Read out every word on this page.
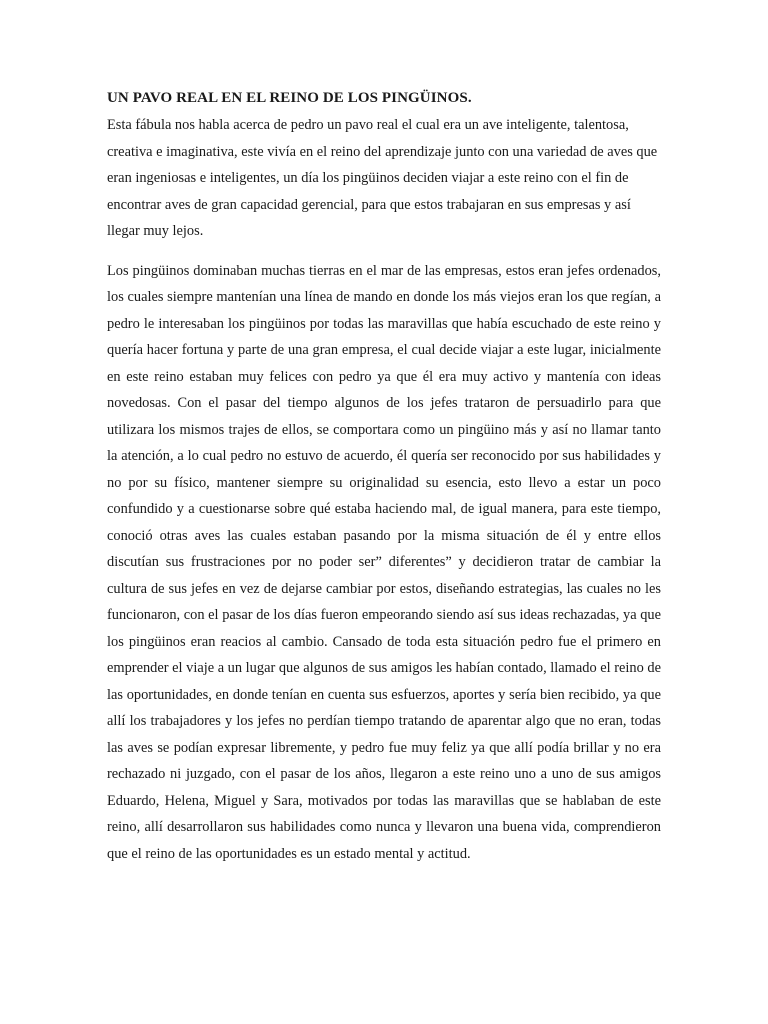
UN PAVO REAL EN EL REINO DE LOS PINGÜINOS.

Esta fábula nos habla acerca de pedro un pavo real el cual era un ave inteligente, talentosa, creativa e imaginativa, este vivía en el reino del aprendizaje junto con una variedad de aves que eran ingeniosas e inteligentes, un día los pingüinos deciden viajar a este reino con el fin de encontrar aves de gran capacidad gerencial, para que estos trabajaran en sus empresas y así llegar muy lejos.

Los pingüinos dominaban muchas tierras en el mar de las empresas, estos eran jefes ordenados, los cuales siempre mantenían una línea de mando en donde los más viejos eran los que regían, a pedro le interesaban los pingüinos por todas las maravillas que había escuchado de este reino y quería hacer fortuna y parte de una gran empresa, el cual decide viajar a este lugar, inicialmente en este reino estaban muy felices con pedro ya que él era muy activo y mantenía con ideas novedosas. Con el pasar del tiempo algunos de los jefes trataron de persuadirlo para que utilizara los mismos trajes de ellos, se comportara como un pingüino más y así no llamar tanto la atención, a lo cual pedro no estuvo de acuerdo, él quería ser reconocido por sus habilidades y no por su físico, mantener siempre su originalidad su esencia, esto llevo a estar un poco confundido y a cuestionarse sobre qué estaba haciendo mal, de igual manera, para este tiempo, conoció otras aves las cuales estaban pasando por la misma situación de él y entre ellos discutían sus frustraciones por no poder ser” diferentes” y decidieron tratar de cambiar la cultura de sus jefes en vez de dejarse cambiar por estos, diseñando estrategias, las cuales no les funcionaron, con el pasar de los días fueron empeorando siendo así sus ideas rechazadas, ya que los pingüinos eran reacios al cambio. Cansado de toda esta situación pedro fue el primero en emprender el viaje a un lugar que algunos de sus amigos les habían contado, llamado el reino de las oportunidades, en donde tenían en cuenta sus esfuerzos, aportes y sería bien recibido, ya que allí los trabajadores y los jefes no perdían tiempo tratando de aparentar algo que no eran, todas las aves se podían expresar libremente, y pedro fue muy feliz ya que allí podía brillar y no era rechazado ni juzgado, con el pasar de los años, llegaron a este reino uno a uno de sus amigos Eduardo, Helena, Miguel y Sara, motivados por todas las maravillas que se hablaban de este reino, allí desarrollaron sus habilidades como nunca y llevaron una buena vida, comprendieron que el reino de las oportunidades es un estado mental y actitud.
